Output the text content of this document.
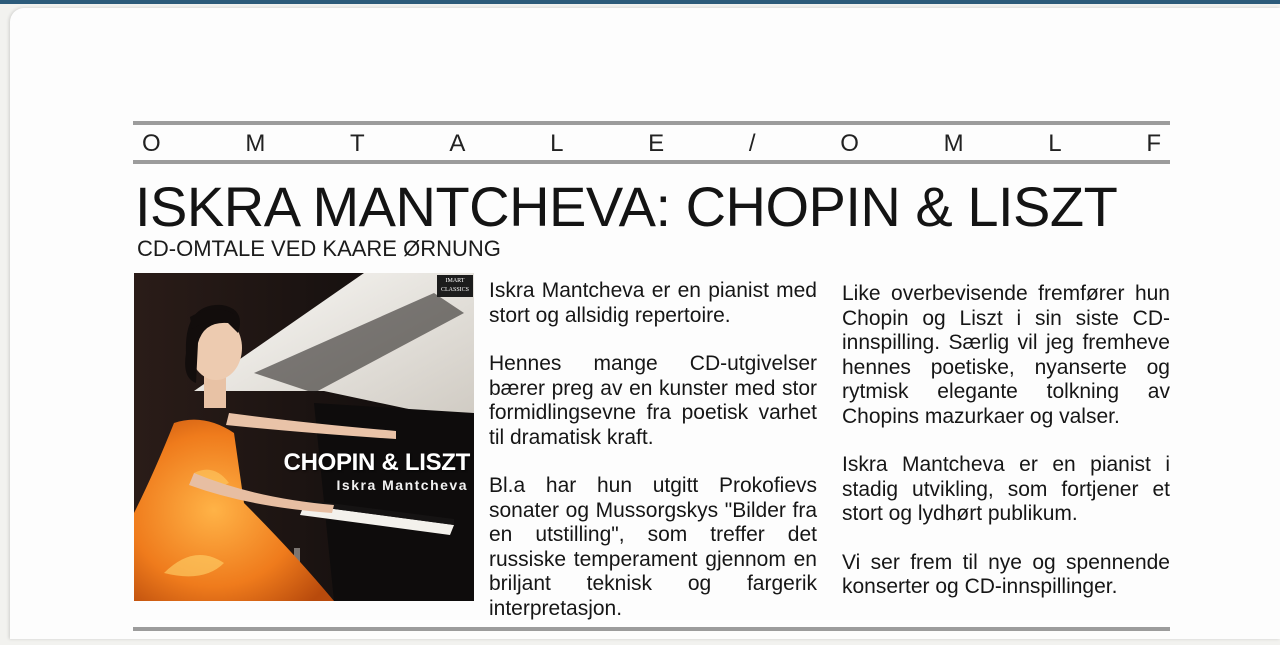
O	M	T	A	L	E	/	O	M	L	F
ISKRA MANTCHEVA: CHOPIN & LISZT
CD-OMTALE VED KAARE ØRNUNG
CHOPIN & LISZT
Iskra Mantcheva
IMART CLASSICS Iskra Mantcheva er en pianist med stort og allsidig repertoire.

Hennes mange CD-utgivelser bærer preg av en kunster med stor formidlingsevne fra poetisk varhet til dramatisk kraft.

Bl.a har hun utgitt Prokofievs sonater og Mussorgskys "Bilder fra en utstilling", som treffer det russiske temperament gjennom en briljant teknisk og fargerik interpretasjon.

Like overbevisende fremfører hun Chopin og Liszt i sin siste CD-innspilling. Særlig vil jeg fremheve hennes poetiske, nyanserte og rytmisk elegante tolkning av Chopins mazurkaer og valser.

Iskra Mantcheva er en pianist i stadig utvikling, som fortjener et stort og lydhørt publikum.

Vi ser frem til nye og spennende konserter og CD-innspillinger.
